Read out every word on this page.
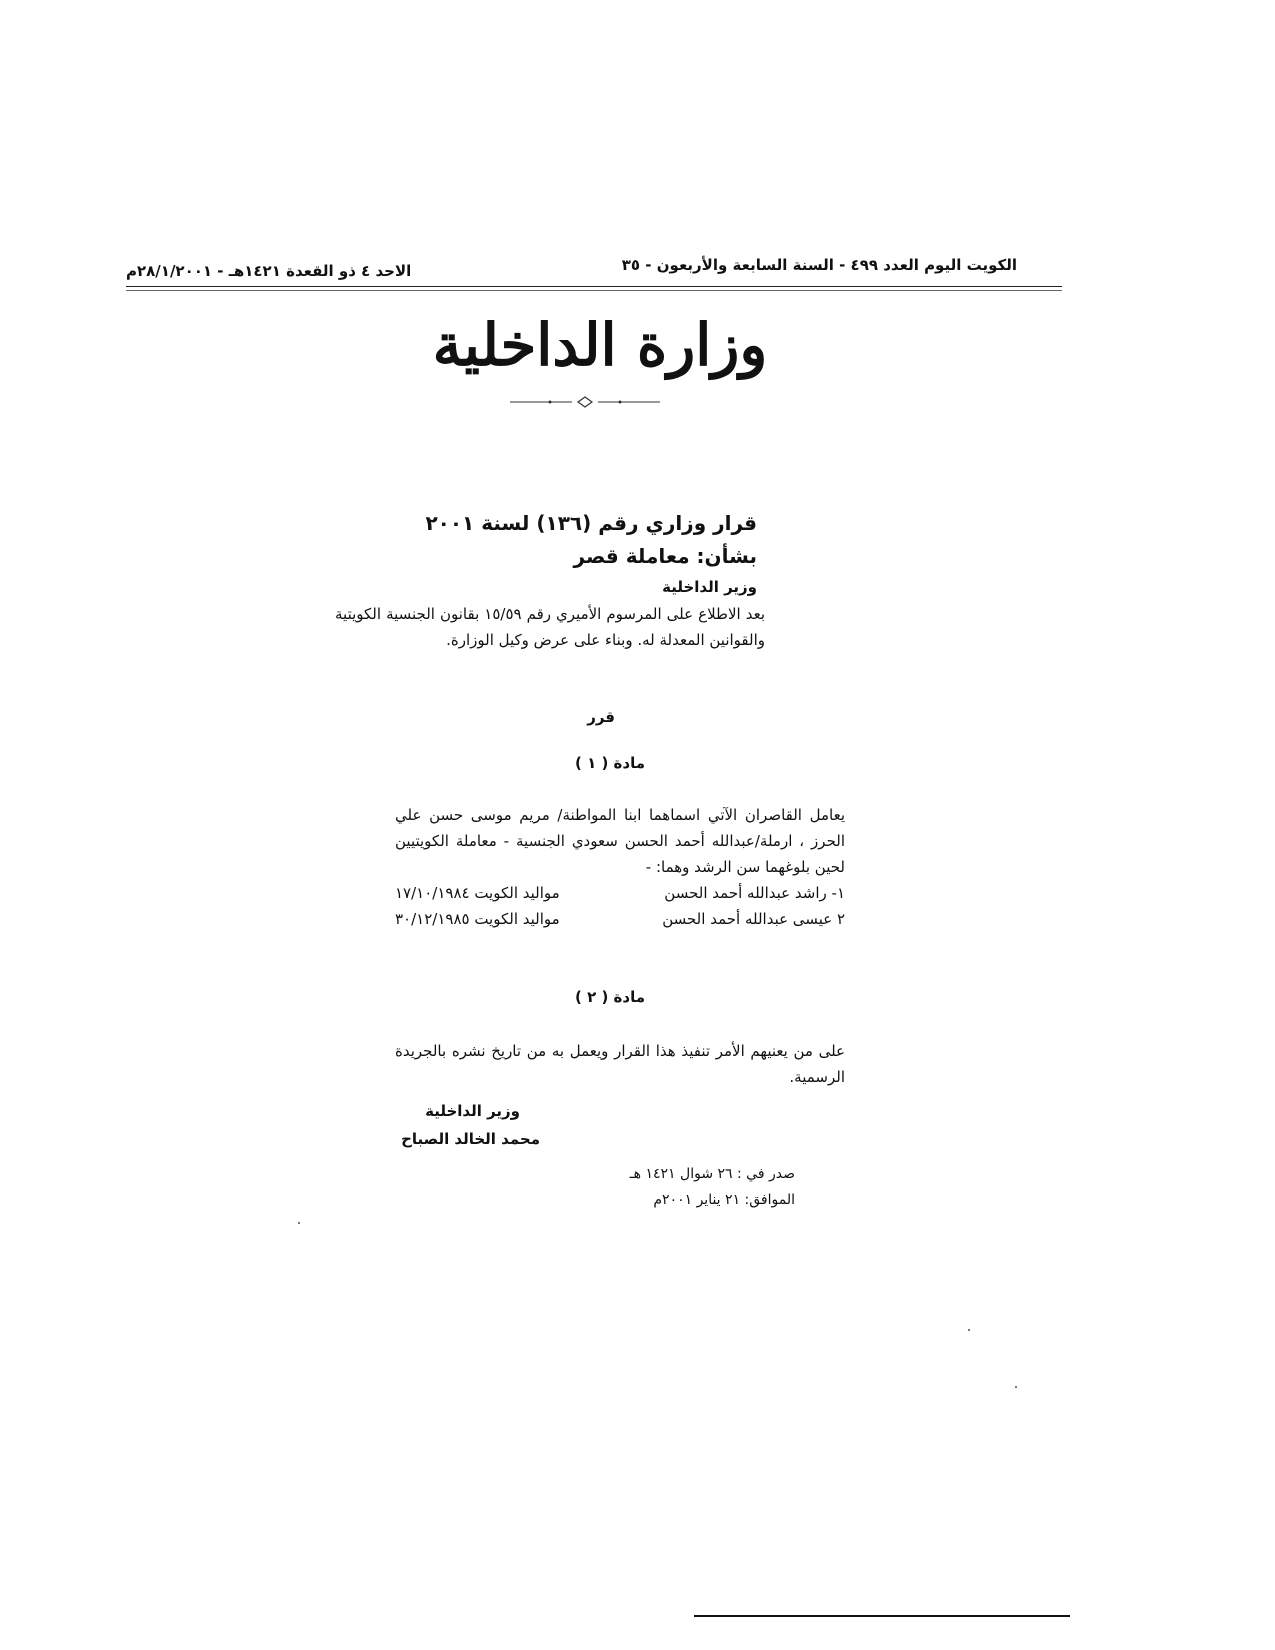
الكويت اليوم العدد ٤٩٩ - السنة السابعة والأربعون - ٣٥
الاحد ٤ ذو القعدة ١٤٢١هـ - ٢٨/١/٢٠٠١م
وزارة الداخلية
قرار وزاري رقم (١٣٦) لسنة ٢٠٠١
بشأن: معاملة قصر
وزير الداخلية
بعد الاطلاع على المرسوم الأميري رقم ١٥/٥٩ بقانون الجنسية الكويتية والقوانين المعدلة له. وبناء على عرض وكيل الوزارة.
قرر
مادة ( ١ )
يعامل القاصران الآتي اسماهما ابنا المواطنة/ مريم موسى حسن علي الحرز ، ارملة/عبدالله أحمد الحسن سعودي الجنسية - معاملة الكويتيين لحين بلوغهما سن الرشد وهما: -
١- راشد عبدالله أحمد الحسن
مواليد الكويت ١٧/١٠/١٩٨٤
٢ عيسى عبدالله أحمد الحسن
مواليد الكويت ٣٠/١٢/١٩٨٥
مادة ( ٢ )
على من يعنيهم الأمر تنفيذ هذا القرار ويعمل به من تاريخ نشره بالجريدة الرسمية.
وزير الداخلية
محمد الخالد الصباح
صدر في : ٢٦ شوال ١٤٢١ هـ
الموافق: ٢١ يناير ٢٠٠١م
